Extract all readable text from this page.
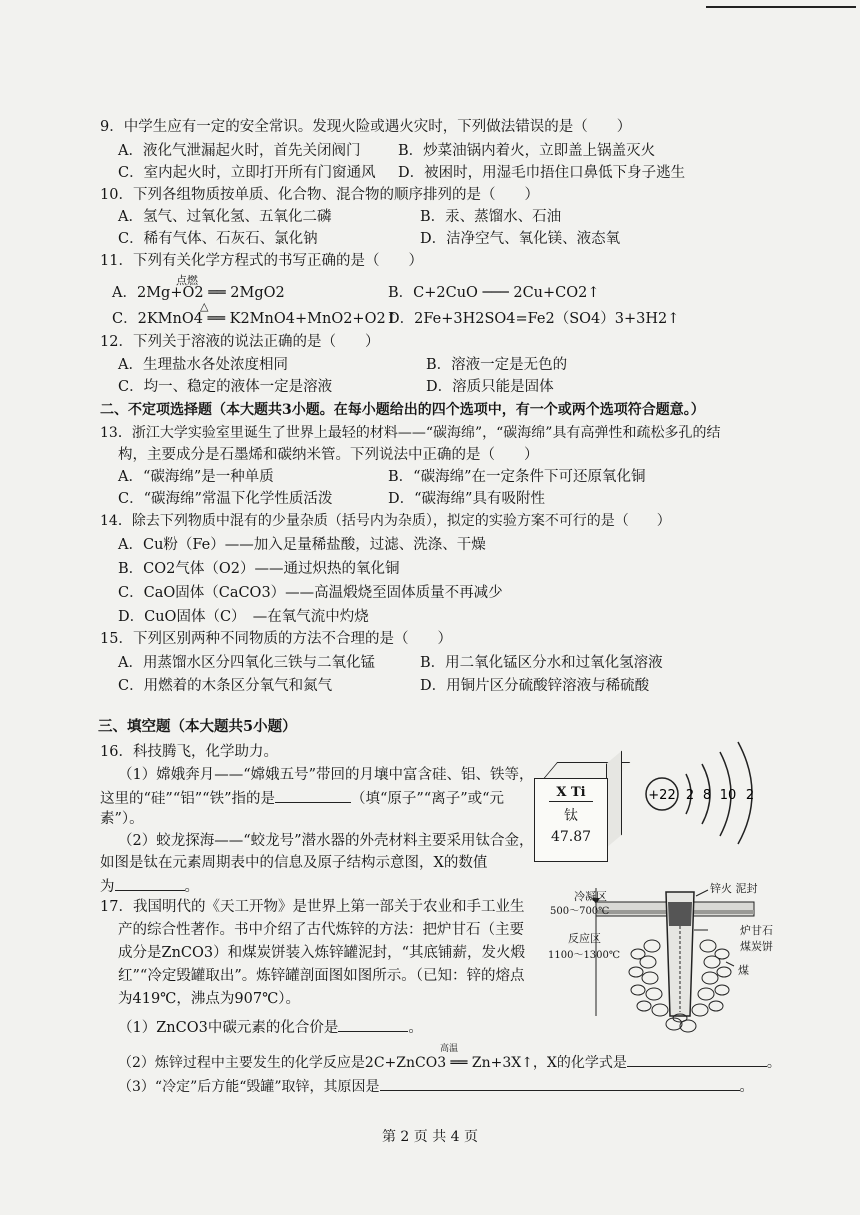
9．中学生应有一定的安全常识。发现火险或遇火灾时，下列做法错误的是（　　）
A．液化气泄漏起火时，首先关闭阀门	B．炒菜油锅内着火，立即盖上锅盖灭火
C．室内起火时，立即打开所有门窗通风 D．被困时，用湿毛巾捂住口鼻低下身子逃生
10．下列各组物质按单质、化合物、混合物的顺序排列的是（　　）
A．氢气、过氧化氢、五氧化二磷	B．汞、蒸馏水、石油
C．稀有气体、石灰石、氯化钠	D．洁净空气、氧化镁、液态氧
11．下列有关化学方程式的书写正确的是（　　）
点燃
A．2Mg+O2 ══ 2MgO2	B．C+2CuO ─── 2Cu+CO2↑
△
C．2KMnO4 ══ K2MnO4+MnO2+O2↑
D．2Fe+3H2SO4=Fe2（SO4）3+3H2↑
12．下列关于溶液的说法正确的是（　　）
A．生理盐水各处浓度相同	B．溶液一定是无色的
C．均一、稳定的液体一定是溶液	D．溶质只能是固体
二、不定项选择题（本大题共3小题。在每小题给出的四个选项中，有一个或两个选项符合题意。）
13．浙江大学实验室里诞生了世界上最轻的材料——“碳海绵”，“碳海绵”具有高弹性和疏松多孔的结
构，主要成分是石墨烯和碳纳米管。下列说法中正确的是（　　）
A．“碳海绵”是一种单质	B．“碳海绵”在一定条件下可还原氧化铜
C．“碳海绵”常温下化学性质活泼	D．“碳海绵”具有吸附性
14．除去下列物质中混有的少量杂质（括号内为杂质），拟定的实验方案不可行的是（　　）
A．Cu粉（Fe）——加入足量稀盐酸，过滤、洗涤、干燥
B．CO2气体（O2）——通过炽热的氧化铜
C．CaO固体（CaCO3）——高温煅烧至固体质量不再减少
D．CuO固体（C）　—在氧气流中灼烧
15．下列区别两种不同物质的方法不合理的是（　　）
A．用蒸馏水区分四氧化三铁与二氧化锰	B．用二氧化锰区分水和过氧化氢溶液
C．用燃着的木条区分氧气和氮气	D．用铜片区分硫酸锌溶液与稀硫酸
三、填空题（本大题共5小题）
16．科技腾飞，化学助力。
（1）嫦娥奔月——“嫦娥五号”带回的月壤中富含硅、铝、铁等，
这里的“硅”“铝”“铁”指的是	（填“原子”“离子”或“元
素”）。
（2）蛟龙探海——“蛟龙号”潜水器的外壳材料主要采用钛合金，
如图是钛在元素周期表中的信息及原子结构示意图，X的数值
为	。
X Ti
钛
47.87
+22 2 8 10 2
17．我国明代的《天工开物》是世界上第一部关于农业和手工业生
产的综合性著作。书中介绍了古代炼锌的方法：把炉甘石（主要
成分是ZnCO3）和煤炭饼装入炼锌罐泥封，“其底铺薪，发火煅
红”“冷定毁罐取出”。炼锌罐剖面图如图所示。（已知：锌的熔点
为419℃，沸点为907℃）。
（1）ZnCO3中碳元素的化合价是	。
高温
（2）炼锌过程中主要发生的化学反应是2C+ZnCO3 ══ Zn+3X↑，X的化学式是	。
（3）“冷定”后方能“毁罐”取锌，其原因是	。
锌火 泥封
冷凝区
500～700℃
反应区
1100～1300℃
炉甘石
煤炭饼
煤
第 2 页 共 4 页
